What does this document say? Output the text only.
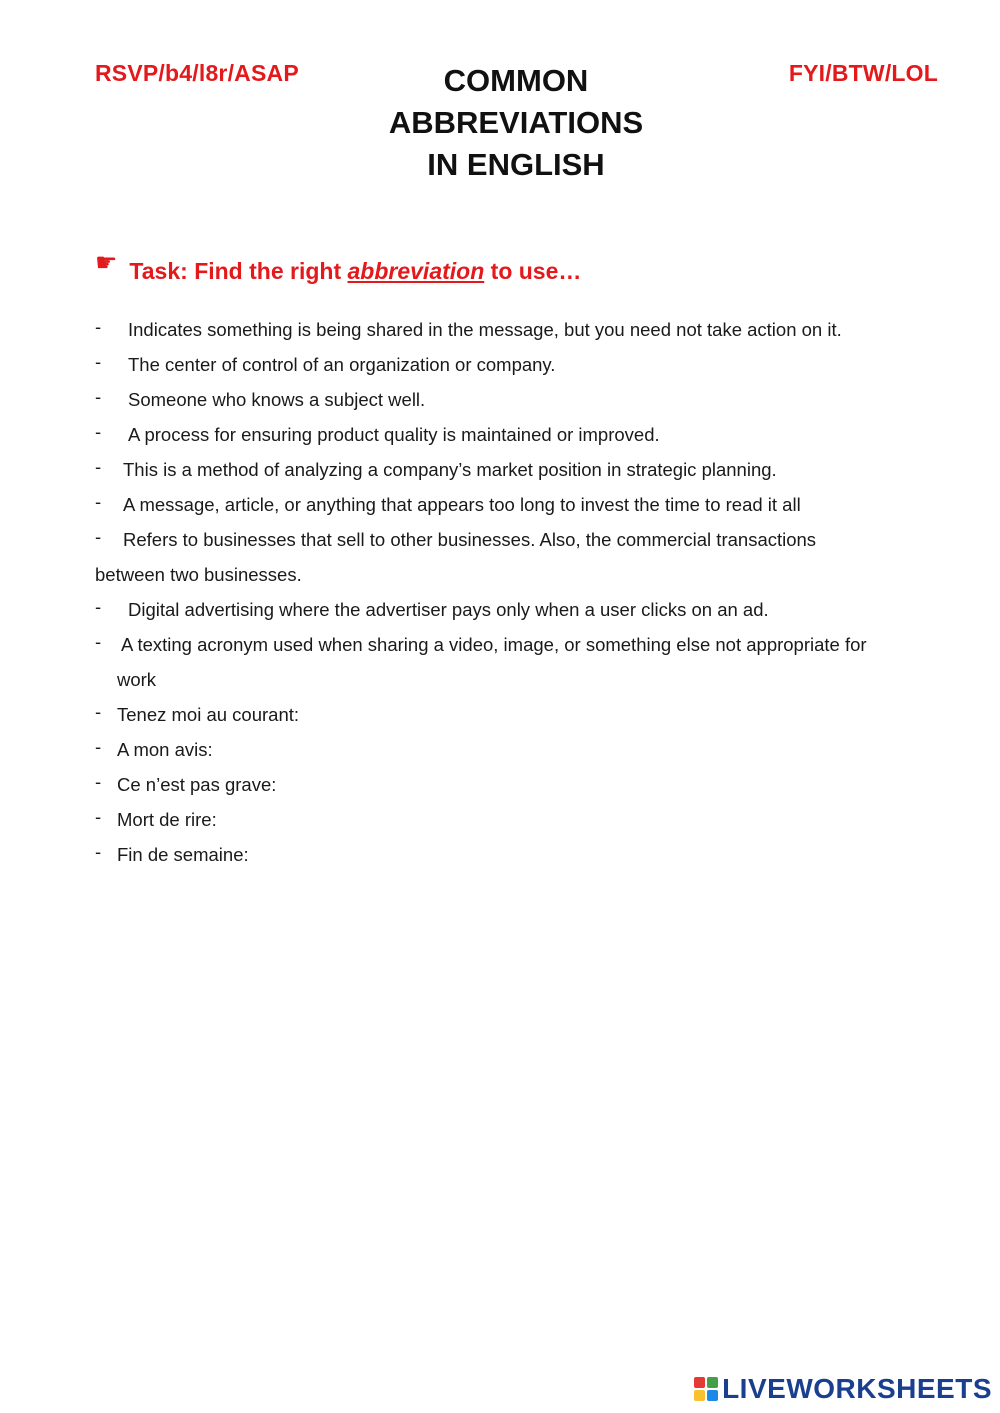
RSVP/b4/l8r/ASAP	FYI/BTW/LOL
COMMON
ABBREVIATIONS
IN ENGLISH
☛ Task: Find the right abbreviation to use…
- Indicates something is being shared in the message, but you need not take action on it.
- The center of control of an organization or company.
- Someone who knows a subject well.
- A process for ensuring product quality is maintained or improved.
- This is a method of analyzing a company’s market position in strategic planning.
- A message, article, or anything that appears too long to invest the time to read it all
- Refers to businesses that sell to other businesses. Also, the commercial transactions
between two businesses.
- Digital advertising where the advertiser pays only when a user clicks on an ad.
- A texting acronym used when sharing a video, image, or something else not appropriate for
work
- Tenez moi au courant:
- A mon avis:
- Ce n’est pas grave:
- Mort de rire:
- Fin de semaine:
LIVEWORKSHEETS
